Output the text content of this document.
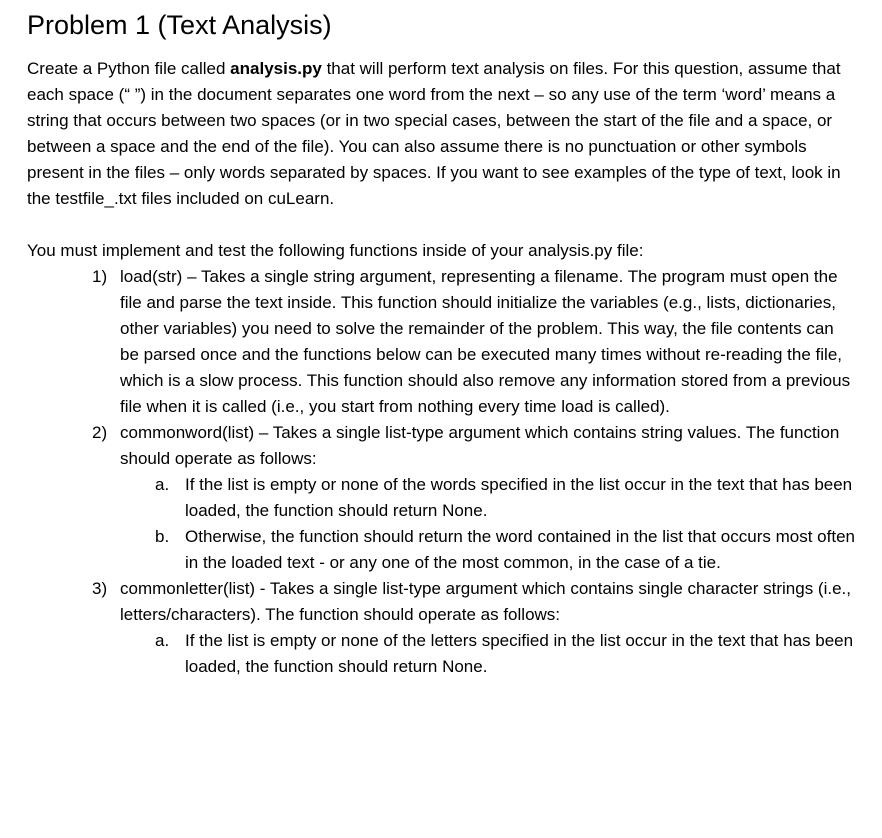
Problem 1 (Text Analysis)

Create a Python file called analysis.py that will perform text analysis on files. For this question, assume that each space (“ ”) in the document separates one word from the next – so any use of the term ‘word’ means a string that occurs between two spaces (or in two special cases, between the start of the file and a space, or between a space and the end of the file). You can also assume there is no punctuation or other symbols present in the files – only words separated by spaces. If you want to see examples of the type of text, look in the testfile_.txt files included on cuLearn.

You must implement and test the following functions inside of your analysis.py file:

1) load(str) – Takes a single string argument, representing a filename. The program must open the file and parse the text inside. This function should initialize the variables (e.g., lists, dictionaries, other variables) you need to solve the remainder of the problem. This way, the file contents can be parsed once and the functions below can be executed many times without re-reading the file, which is a slow process. This function should also remove any information stored from a previous file when it is called (i.e., you start from nothing every time load is called).
2) commonword(list) – Takes a single list-type argument which contains string values. The function should operate as follows:
a. If the list is empty or none of the words specified in the list occur in the text that has been loaded, the function should return None.
b. Otherwise, the function should return the word contained in the list that occurs most often in the loaded text - or any one of the most common, in the case of a tie.
3) commonletter(list) - Takes a single list-type argument which contains single character strings (i.e., letters/characters). The function should operate as follows:
a. If the list is empty or none of the letters specified in the list occur in the text that has been loaded, the function should return None.
